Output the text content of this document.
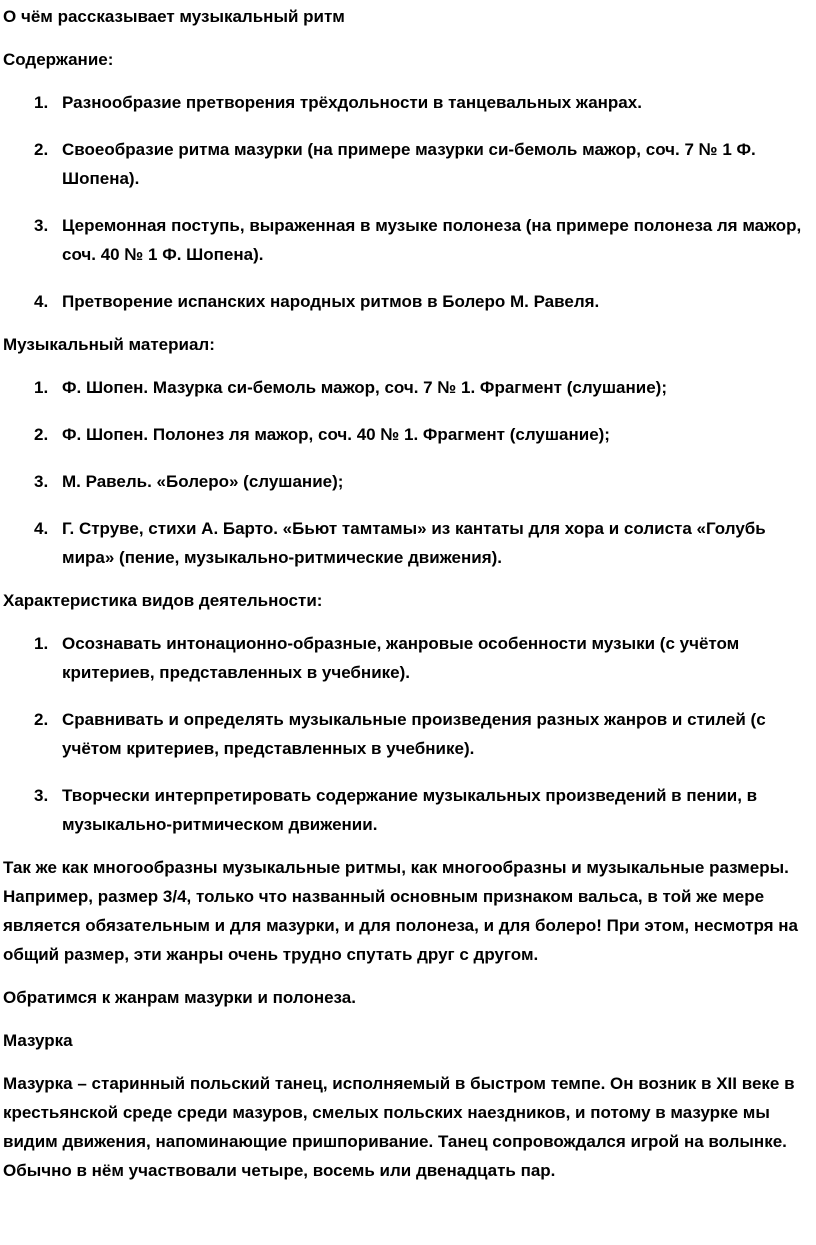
О чём рассказывает музыкальный ритм

Содержание:

1. Разнообразие претворения трёхдольности в танцевальных жанрах.
2. Своеобразие ритма мазурки (на примере мазурки си-бемоль мажор, соч. 7 № 1 Ф. Шопена).
3. Церемонная поступь, выраженная в музыке полонеза (на примере полонеза ля мажор, соч. 40 № 1 Ф. Шопена).
4. Претворение испанских народных ритмов в Болеро М. Равеля.

Музыкальный материал:

1. Ф. Шопен. Мазурка си-бемоль мажор, соч. 7 № 1. Фрагмент (слушание);
2. Ф. Шопен. Полонез ля мажор, соч. 40 № 1. Фрагмент (слушание);
3. М. Равель. «Болеро» (слушание);
4. Г. Струве, стихи А. Барто. «Бьют тамтамы» из кантаты для хора и солиста «Голубь мира» (пение, музыкально-ритмические движения).

Характеристика видов деятельности:

1. Осознавать интонационно-образные, жанровые особенности музыки (с учётом критериев, представленных в учебнике).
2. Сравнивать и определять музыкальные произведения разных жанров и стилей (с учётом критериев, представленных в учебнике).
3. Творчески интерпретировать содержание музыкальных произведений в пении, в музыкально-ритмическом движении.

Так же как многообразны музыкальные ритмы, как многообразны и музыкальные размеры. Например, размер 3/4, только что названный основным признаком вальса, в той же мере является обязательным и для мазурки, и для полонеза, и для болеро! При этом, несмотря на общий размер, эти жанры очень трудно спутать друг с другом.

Обратимся к жанрам мазурки и полонеза.

Мазурка

Мазурка – старинный польский танец, исполняемый в быстром темпе. Он возник в XII веке в крестьянской среде среди мазуров, смелых польских наездников, и потому в мазурке мы видим движения, напоминающие пришпоривание. Танец сопровождался игрой на волынке. Обычно в нём участвовали четыре, восемь или двенадцать пар.
